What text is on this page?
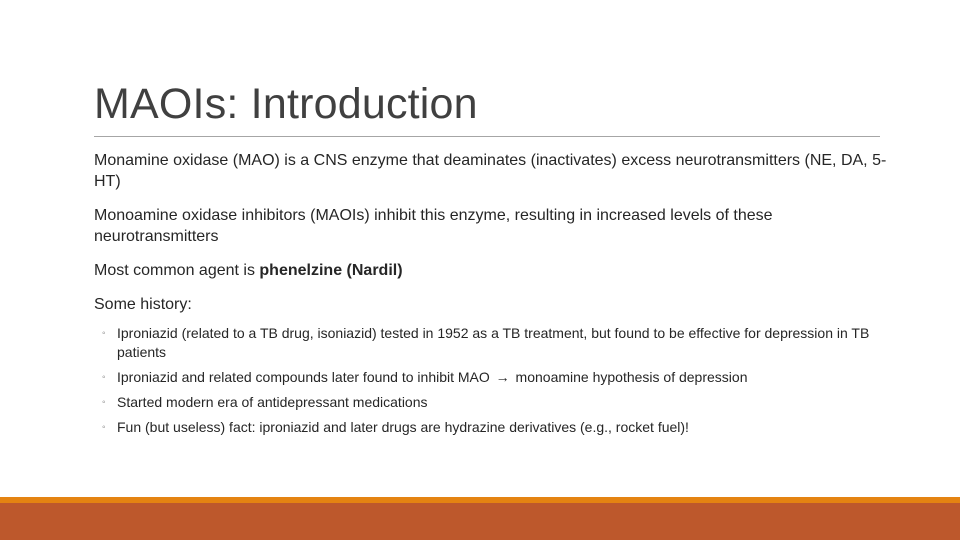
MAOIs: Introduction

Monamine oxidase (MAO) is a CNS enzyme that deaminates (inactivates) excess neurotransmitters (NE, DA, 5-HT)

Monoamine oxidase inhibitors (MAOIs) inhibit this enzyme, resulting in increased levels of these neurotransmitters

Most common agent is phenelzine (Nardil)

Some history:

◦ Iproniazid (related to a TB drug, isoniazid) tested in 1952 as a TB treatment, but found to be effective for depression in TB patients
◦ Iproniazid and related compounds later found to inhibit MAO → monoamine hypothesis of depression
◦ Started modern era of antidepressant medications
◦ Fun (but useless) fact: iproniazid and later drugs are hydrazine derivatives (e.g., rocket fuel)!
